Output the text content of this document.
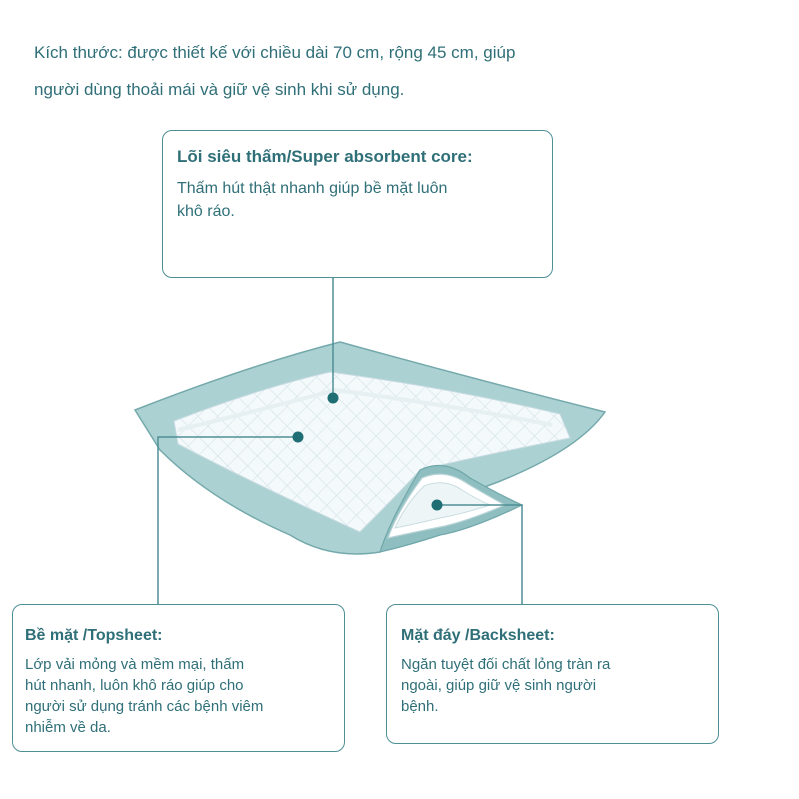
Kích thước: được thiết kế với chiều dài 70 cm, rộng 45 cm, giúp

người dùng thoải mái và giữ vệ sinh khi sử dụng.

Lõi siêu thấm/Super absorbent core:
Thấm hút thật nhanh giúp bề mặt luôn
khô ráo.
Bề mặt /Topsheet:
Lớp vải mỏng và mềm mại, thấm
hút nhanh, luôn khô ráo giúp cho
người sử dụng tránh các bệnh viêm
nhiễm về da.
Mặt đáy /Backsheet:
Ngăn tuyệt đối chất lỏng tràn ra
ngoài, giúp giữ vệ sinh người
bệnh.
